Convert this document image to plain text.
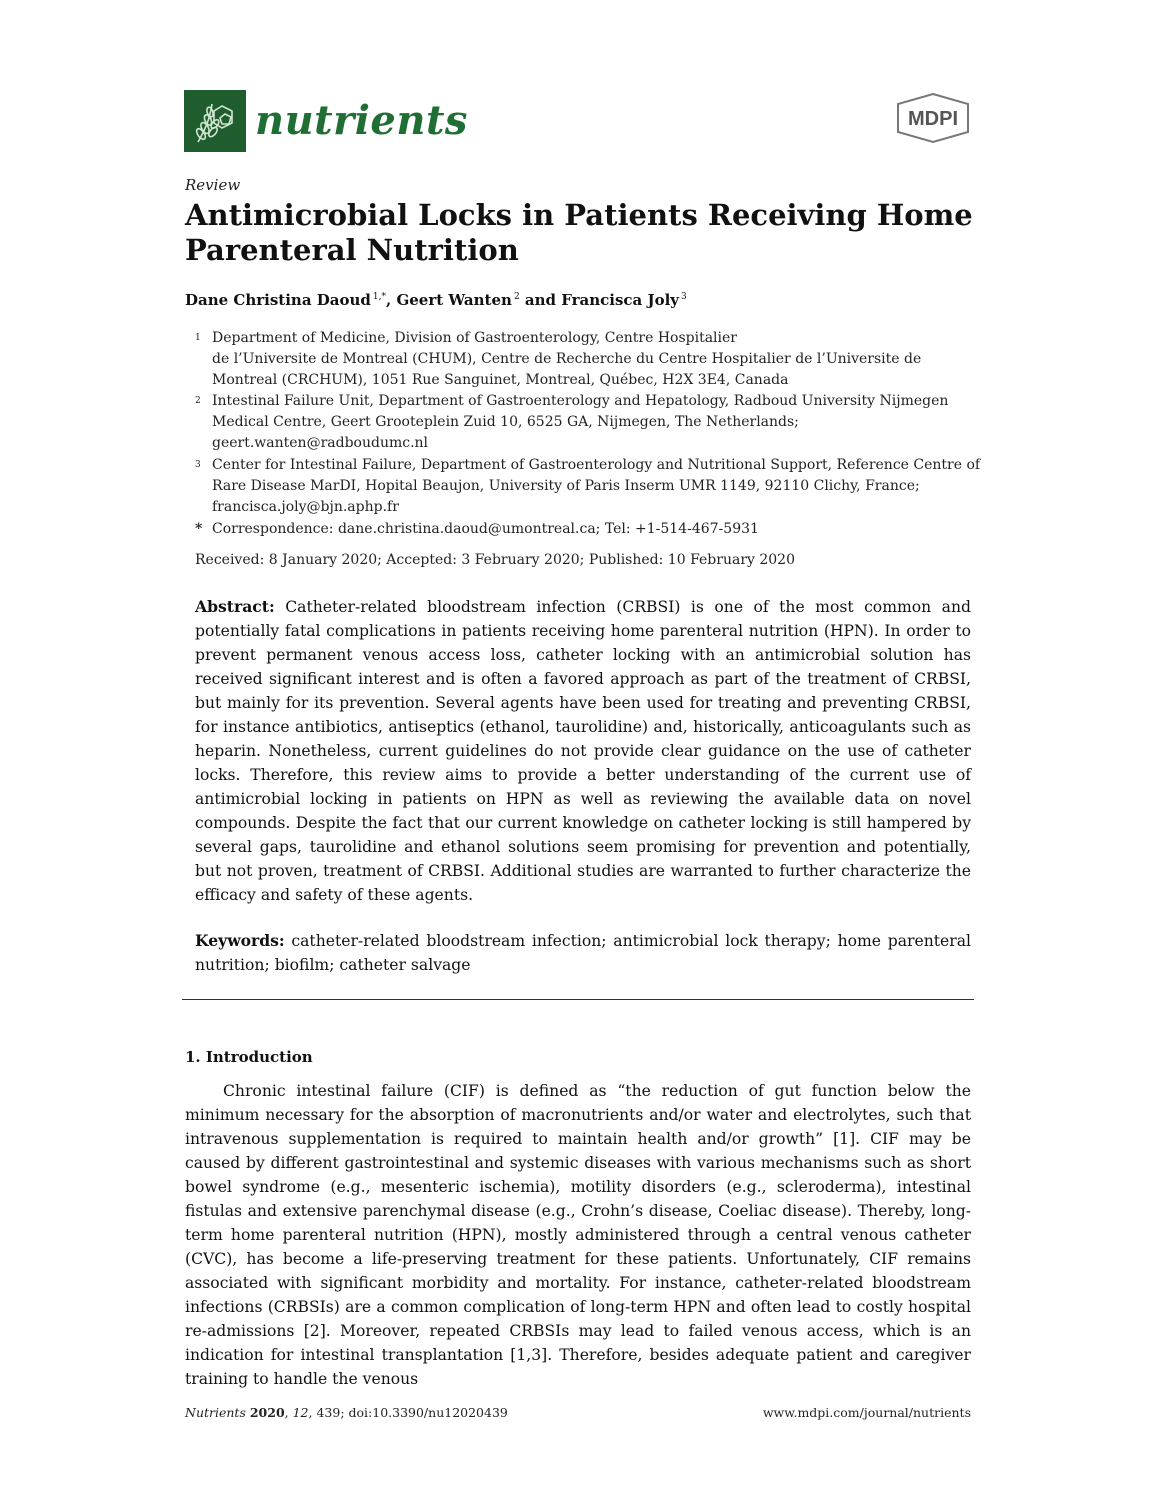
nutrients	MDPI
Review
Antimicrobial Locks in Patients Receiving Home Parenteral Nutrition
Dane Christina Daoud $^{1,*}$, Geert Wanten $^2$ and Francisca Joly $^3$
1 Department of Medicine, Division of Gastroenterology, Centre Hospitalier
de l’Universite de Montreal (CHUM), Centre de Recherche du Centre Hospitalier de l’Universite de
Montreal (CRCHUM), 1051 Rue Sanguinet, Montreal, Québec, H2X 3E4, Canada
2 Intestinal Failure Unit, Department of Gastroenterology and Hepatology, Radboud University Nijmegen
Medical Centre, Geert Grooteplein Zuid 10, 6525 GA, Nijmegen, The Netherlands;
geert.wanten@radboudumc.nl
3 Center for Intestinal Failure, Department of Gastroenterology and Nutritional Support, Reference Centre of
Rare Disease MarDI, Hopital Beaujon, University of Paris Inserm UMR 1149, 92110 Clichy, France;
francisca.joly@bjn.aphp.fr
* Correspondence: dane.christina.daoud@umontreal.ca; Tel: +1-514-467-5931
Received: 8 January 2020; Accepted: 3 February 2020; Published: 10 February 2020
Abstract: Catheter-related bloodstream infection (CRBSI) is one of the most common and potentially fatal complications in patients receiving home parenteral nutrition (HPN). In order to prevent permanent venous access loss, catheter locking with an antimicrobial solution has received significant interest and is often a favored approach as part of the treatment of CRBSI, but mainly for its prevention. Several agents have been used for treating and preventing CRBSI, for instance antibiotics, antiseptics (ethanol, taurolidine) and, historically, anticoagulants such as heparin. Nonetheless, current guidelines do not provide clear guidance on the use of catheter locks. Therefore, this review aims to provide a better understanding of the current use of antimicrobial locking in patients on HPN as well as reviewing the available data on novel compounds. Despite the fact that our current knowledge on catheter locking is still hampered by several gaps, taurolidine and ethanol solutions seem promising for prevention and potentially, but not proven, treatment of CRBSI. Additional studies are warranted to further characterize the efficacy and safety of these agents.
Keywords: catheter-related bloodstream infection; antimicrobial lock therapy; home parenteral nutrition; biofilm; catheter salvage
1. Introduction
Chronic intestinal failure (CIF) is defined as “the reduction of gut function below the minimum necessary for the absorption of macronutrients and/or water and electrolytes, such that intravenous supplementation is required to maintain health and/or growth” [1]. CIF may be caused by different gastrointestinal and systemic diseases with various mechanisms such as short bowel syndrome (e.g., mesenteric ischemia), motility disorders (e.g., scleroderma), intestinal fistulas and extensive parenchymal disease (e.g., Crohn’s disease, Coeliac disease). Thereby, long-term home parenteral nutrition (HPN), mostly administered through a central venous catheter (CVC), has become a life-preserving treatment for these patients. Unfortunately, CIF remains associated with significant morbidity and mortality. For instance, catheter-related bloodstream infections (CRBSIs) are a common complication of long-term HPN and often lead to costly hospital re-admissions [2]. Moreover, repeated CRBSIs may lead to failed venous access, which is an indication for intestinal transplantation [1,3]. Therefore, besides adequate patient and caregiver training to handle the venous
Nutrients 2020, 12, 439; doi:10.3390/nu12020439	www.mdpi.com/journal/nutrients
